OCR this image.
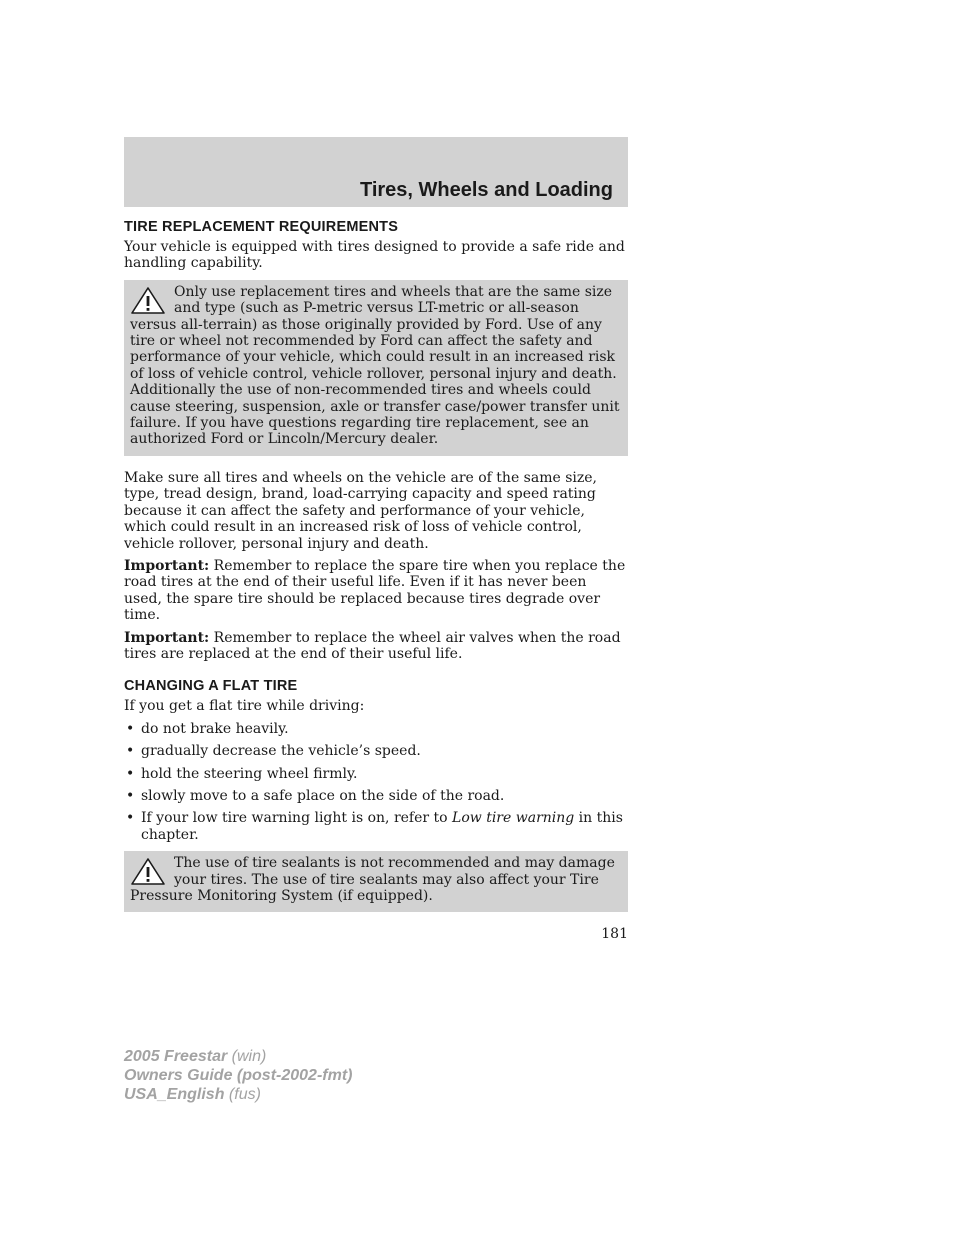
Tires, Wheels and Loading
TIRE REPLACEMENT REQUIREMENTS

Your vehicle is equipped with tires designed to provide a safe ride and handling capability.

Only use replacement tires and wheels that are the same size and type (such as P-metric versus LT-metric or all-season versus all-terrain) as those originally provided by Ford. Use of any tire or wheel not recommended by Ford can affect the safety and performance of your vehicle, which could result in an increased risk of loss of vehicle control, vehicle rollover, personal injury and death. Additionally the use of non-recommended tires and wheels could cause steering, suspension, axle or transfer case/power transfer unit failure. If you have questions regarding tire replacement, see an authorized Ford or Lincoln/Mercury dealer.

Make sure all tires and wheels on the vehicle are of the same size, type, tread design, brand, load-carrying capacity and speed rating because it can affect the safety and performance of your vehicle, which could result in an increased risk of loss of vehicle control, vehicle rollover, personal injury and death.

Important: Remember to replace the spare tire when you replace the road tires at the end of their useful life. Even if it has never been used, the spare tire should be replaced because tires degrade over time.

Important: Remember to replace the wheel air valves when the road tires are replaced at the end of their useful life.

CHANGING A FLAT TIRE

If you get a flat tire while driving:

• do not brake heavily.
• gradually decrease the vehicle’s speed.
• hold the steering wheel firmly.
• slowly move to a safe place on the side of the road.
• If your low tire warning light is on, refer to Low tire warning in this chapter.

The use of tire sealants is not recommended and may damage your tires. The use of tire sealants may also affect your Tire Pressure Monitoring System (if equipped).

181
2005 Freestar (win)
Owners Guide (post-2002-fmt)
USA_English (fus)
